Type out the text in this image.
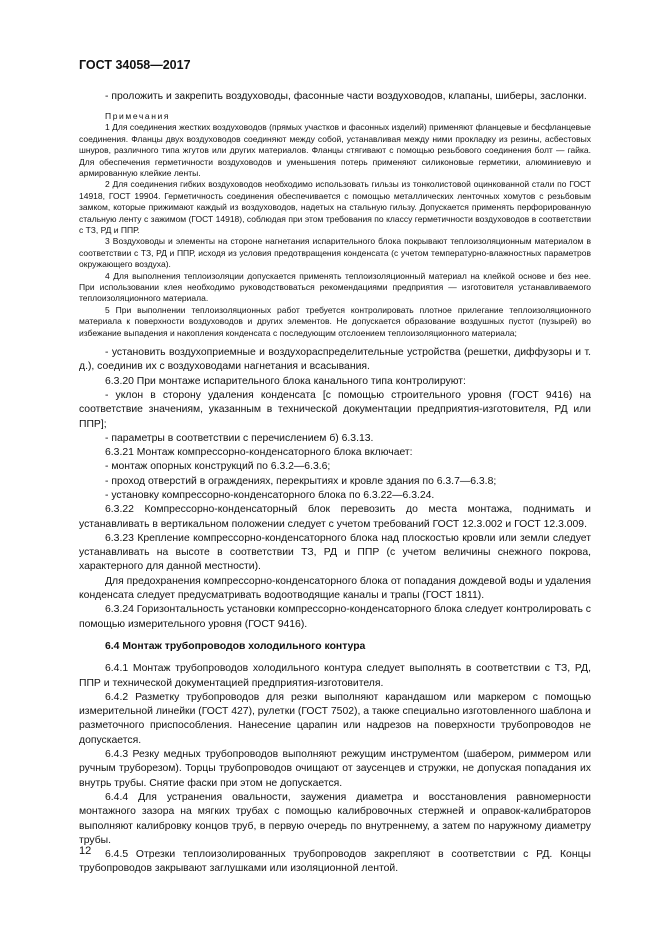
ГОСТ 34058—2017

- проложить и закрепить воздуховоды, фасонные части воздуховодов, клапаны, шиберы, заслонки.

Примечания

1 Для соединения жестких воздуховодов (прямых участков и фасонных изделий) применяют фланцевые и бесфланцевые соединения. Фланцы двух воздуховодов соединяют между собой, устанавливая между ними прокладку из резины, асбестовых шнуров, различного типа жгутов или других материалов. Фланцы стягивают с помощью резьбового соединения болт — гайка. Для обеспечения герметичности воздуховодов и уменьшения потерь применяют силиконовые герметики, алюминиевую и армированную клейкие ленты.

2 Для соединения гибких воздуховодов необходимо использовать гильзы из тонколистовой оцинкованной стали по ГОСТ 14918, ГОСТ 19904. Герметичность соединения обеспечивается с помощью металлических ленточных хомутов с резьбовым замком, которые прижимают каждый из воздуховодов, надетых на стальную гильзу. Допускается применять перфорированную стальную ленту с зажимом (ГОСТ 14918), соблюдая при этом требования по классу герметичности воздуховодов в соответствии с ТЗ, РД и ППР.

3 Воздуховоды и элементы на стороне нагнетания испарительного блока покрывают теплоизоляционным материалом в соответствии с ТЗ, РД и ППР, исходя из условия предотвращения конденсата (с учетом температурно-влажностных параметров окружающего воздуха).

4 Для выполнения теплоизоляции допускается применять теплоизоляционный материал на клейкой основе и без нее. При использовании клея необходимо руководствоваться рекомендациями предприятия — изготовителя устанавливаемого теплоизоляционного материала.

5 При выполнении теплоизоляционных работ требуется контролировать плотное прилегание теплоизоляционного материала к поверхности воздуховодов и других элементов. Не допускается образование воздушных пустот (пузырей) во избежание выпадения и накопления конденсата с последующим отслоением теплоизоляционного материала;

- установить воздухоприемные и воздухораспределительные устройства (решетки, диффузоры и т. д.), соединив их с воздуховодами нагнетания и всасывания.

6.3.20 При монтаже испарительного блока канального типа контролируют:

- уклон в сторону удаления конденсата [с помощью строительного уровня (ГОСТ 9416) на соответствие значениям, указанным в технической документации предприятия-изготовителя, РД или ППР];

- параметры в соответствии с перечислением б) 6.3.13.

6.3.21 Монтаж компрессорно-конденсаторного блока включает:

- монтаж опорных конструкций по 6.3.2—6.3.6;

- проход отверстий в ограждениях, перекрытиях и кровле здания по 6.3.7—6.3.8;

- установку компрессорно-конденсаторного блока по 6.3.22—6.3.24.

6.3.22 Компрессорно-конденсаторный блок перевозить до места монтажа, поднимать и устанавливать в вертикальном положении следует с учетом требований ГОСТ 12.3.002 и ГОСТ 12.3.009.

6.3.23 Крепление компрессорно-конденсаторного блока над плоскостью кровли или земли следует устанавливать на высоте в соответствии ТЗ, РД и ППР (с учетом величины снежного покрова, характерного для данной местности).

Для предохранения компрессорно-конденсаторного блока от попадания дождевой воды и удаления конденсата следует предусматривать водоотводящие каналы и трапы (ГОСТ 1811).

6.3.24 Горизонтальность установки компрессорно-конденсаторного блока следует контролировать с помощью измерительного уровня (ГОСТ 9416).

6.4 Монтаж трубопроводов холодильного контура

6.4.1 Монтаж трубопроводов холодильного контура следует выполнять в соответствии с ТЗ, РД, ППР и технической документацией предприятия-изготовителя.

6.4.2 Разметку трубопроводов для резки выполняют карандашом или маркером с помощью измерительной линейки (ГОСТ 427), рулетки (ГОСТ 7502), а также специально изготовленного шаблона и разметочного приспособления. Нанесение царапин или надрезов на поверхности трубопроводов не допускается.

6.4.3 Резку медных трубопроводов выполняют режущим инструментом (шабером, риммером или ручным труборезом). Торцы трубопроводов очищают от заусенцев и стружки, не допуская попадания их внутрь трубы. Снятие фаски при этом не допускается.

6.4.4 Для устранения овальности, заужения диаметра и восстановления равномерности монтажного зазора на мягких трубах с помощью калибровочных стержней и оправок-калибраторов выполняют калибровку концов труб, в первую очередь по внутреннему, а затем по наружному диаметру трубы.

6.4.5 Отрезки теплоизолированных трубопроводов закрепляют в соответствии с РД. Концы трубопроводов закрывают заглушками или изоляционной лентой.

12
